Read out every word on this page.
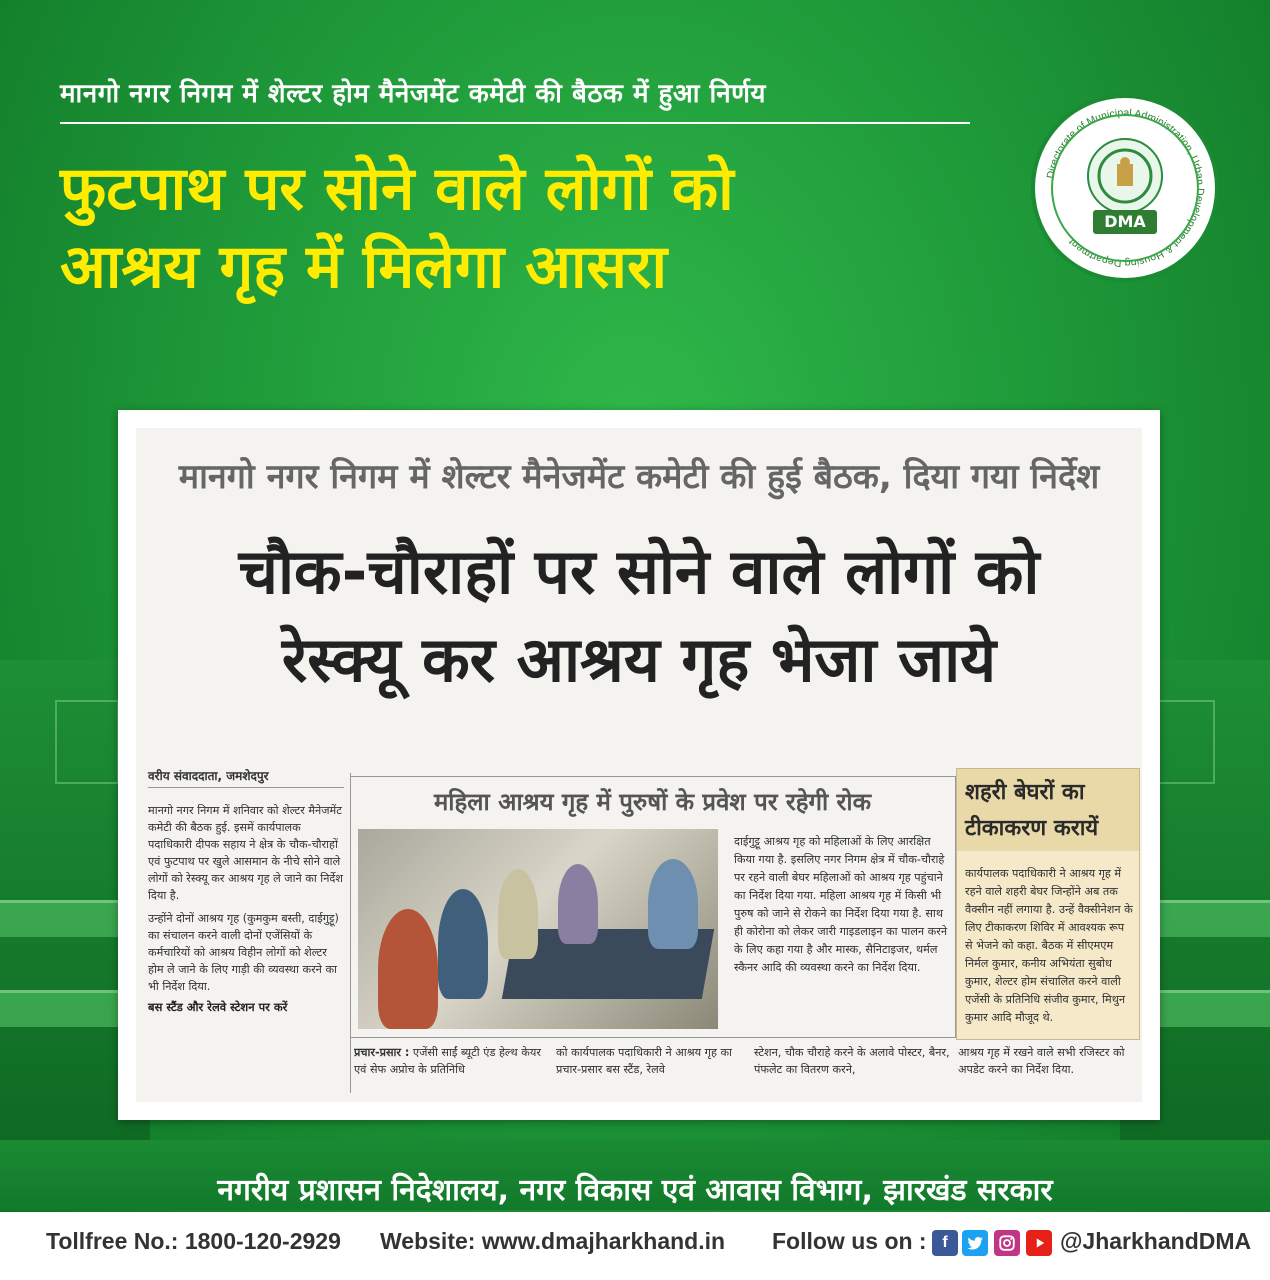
मानगो नगर निगम में शेल्टर होम मैनेजमेंट कमेटी की बैठक में हुआ निर्णय
फुटपाथ पर सोने वाले लोगों को
आश्रय गृह में मिलेगा आसरा
Directorate of Municipal Administration, Urban Development & Housing Department
DMA
मानगो नगर निगम में शेल्टर मैनेजमेंट कमेटी की हुई बैठक, दिया गया निर्देश
चौक-चौराहों पर सोने वाले लोगों को
रेस्क्यू कर आश्रय गृह भेजा जाये
वरीय संवाददाता, जमशेदपुर
मानगो नगर निगम में शनिवार को शेल्टर मैनेजमेंट कमेटी की बैठक हुई. इसमें कार्यपालक पदाधिकारी दीपक सहाय ने क्षेत्र के चौक-चौराहों एवं फुटपाथ पर खुले आसमान के नीचे सोने वाले लोगों को रेस्क्यू कर आश्रय गृह ले जाने का निर्देश दिया है.
उन्होंने दोनों आश्रय गृह (कुमकुम बस्ती, दाईगुट्टू) का संचालन करने वाली दोनों एजेंसियों के कर्मचारियों को आश्रय विहीन लोगों को शेल्टर होम ले जाने के लिए गाड़ी की व्यवस्था करने का भी निर्देश दिया.
बस स्टैंड और रेलवे स्टेशन पर करें
महिला आश्रय गृह में पुरुषों के प्रवेश पर रहेगी रोक
दाईगुट्टू आश्रय गृह को महिलाओं के लिए आरक्षित किया गया है. इसलिए नगर निगम क्षेत्र में चौक-चौराहे पर रहने वाली बेघर महिलाओं को आश्रय गृह पहुंचाने का निर्देश दिया गया. महिला आश्रय गृह में किसी भी पुरुष को जाने से रोकने का निर्देश दिया गया है. साथ ही कोरोना को लेकर जारी गाइडलाइन का पालन करने के लिए कहा गया है और मास्क, सैनिटाइजर, थर्मल स्कैनर आदि की व्यवस्था करने का निर्देश दिया.
प्रचार-प्रसार : एजेंसी साईं ब्यूटी एंड हेल्थ केयर एवं सेफ अप्रोच के प्रतिनिधि
को कार्यपालक पदाधिकारी ने आश्रय गृह का प्रचार-प्रसार बस स्टैंड, रेलवे
स्टेशन, चौक चौराहे करने के अलावे पोस्टर, बैनर, पंफलेट का वितरण करने,
शहरी बेघरों का टीकाकरण करायें
कार्यपालक पदाधिकारी ने आश्रय गृह में रहने वाले शहरी बेघर जिन्होंने अब तक वैक्सीन नहीं लगाया है. उन्हें वैक्सीनेशन के लिए टीकाकरण शिविर में आवश्यक रूप से भेजने को कहा. बैठक में सीएमएम निर्मल कुमार, कनीय अभियंता सुबोध कुमार, शेल्टर होम संचालित करने वाली एजेंसी के प्रतिनिधि संजीव कुमार, मिथुन कुमार आदि मौजूद थे.
आश्रय गृह में रखने वाले सभी रजिस्टर को अपडेट करने का निर्देश दिया.
नगरीय प्रशासन निदेशालय, नगर विकास एवं आवास विभाग, झारखंड सरकार
Tollfree No.: 1800-120-2929 Website: www.dmajharkhand.in Follow us on : f	@JharkhandDMA
